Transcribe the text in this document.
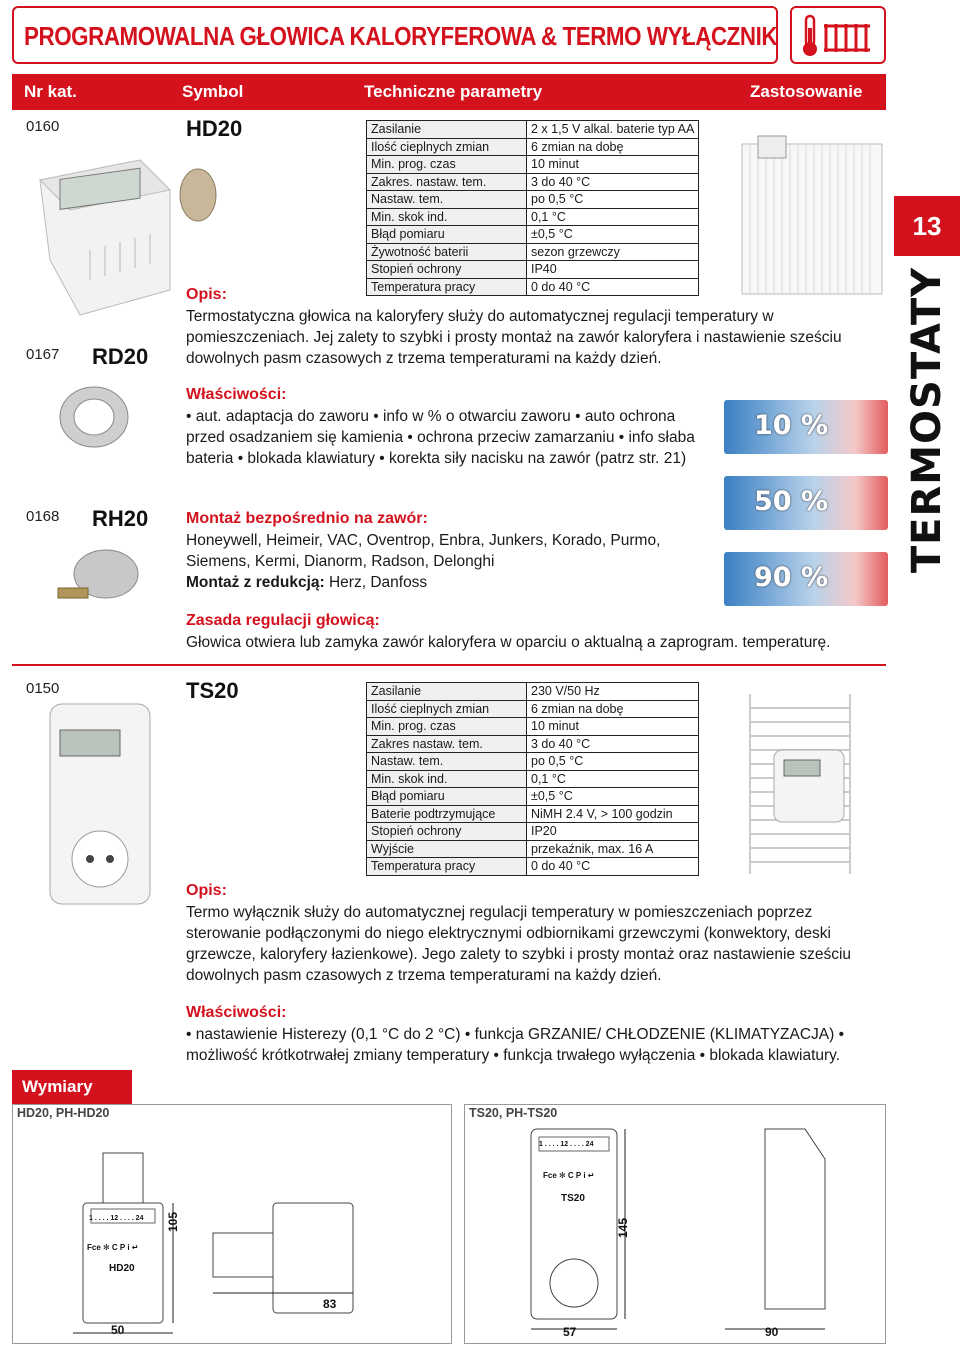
PROGRAMOWALNA GŁOWICA KALORYFEROWA & TERMO WYŁĄCZNIK
Nr kat.	Symbol	Techniczne parametry	Zastosowanie
13
TERMOSTATY
0160	HD20	Zasilanie	2 x 1,5 V alkal. baterie typ AA
Ilość cieplnych zmian	6 zmian na dobę
Min. prog. czas	10 minut
Zakres. nastaw. tem.	3 do 40 °C
Nastaw. tem.	po 0,5 °C
Min. skok ind.	0,1 °C
Błąd pomiaru	±0,5 °C
Żywotność baterii	sezon grzewczy
Stopień ochrony	IP40
Temperatura pracy	0 do 40 °C
Opis:
Termostatyczna głowica na kaloryfery służy do automatycznej regulacji temperatury w pomieszczeniach. Jej zalety to szybki i prosty montaż na zawór kaloryfera i nastawienie sześciu dowolnych pasm czasowych z trzema temperaturami na każdy dzień.
0167 RD20
Właściwości:
• aut. adaptacja do zaworu • info w % o otwarciu zaworu • auto ochrona przed osadzaniem się kamienia • ochrona przeciw zamarzaniu • info słaba bateria • blokada klawiatury • korekta siły nacisku na zawór (patrz str. 21)
10 %
50 %
90 %
0168 RH20 Montaż bezpośrednio na zawór:
Honeywell, Heimeir, VAC, Oventrop, Enbra, Junkers, Korado, Purmo, Siemens, Kermi, Dianorm, Radson, Delonghi
Montaż z redukcją: Herz, Danfoss
Zasada regulacji głowicą:
Głowica otwiera lub zamyka zawór kaloryfera w oparciu o aktualną a zaprogram. temperaturę.
0150	TS20	Zasilanie	230 V/50 Hz
Ilość cieplnych zmian	6 zmian na dobę
Min. prog. czas	10 minut
Zakres nastaw. tem.	3 do 40 °C
Nastaw. tem.	po 0,5 °C
Min. skok ind.	0,1 °C
Błąd pomiaru	±0,5 °C
Baterie podtrzymujące	NiMH 2.4 V, > 100 godzin
Stopień ochrony	IP20
Wyjście	przekaźnik, max. 16 A
Temperatura pracy	0 do 40 °C
Opis:
Termo wyłącznik służy do automatycznej regulacji temperatury w pomieszczeniach poprzez sterowanie podłączonymi do niego elektrycznymi odbiornikami grzewczymi (konwektory, deski grzewcze, kaloryfery łazienkowe). Jego zalety to szybki i prosty montaż oraz nastawienie sześciu dowolnych pasm czasowych z trzema temperaturami na każdy dzień.
Właściwości:
• nastawienie Histerezy (0,1 °C do 2 °C) • funkcja GRZANIE/ CHŁODZENIE (KLIMATYZACJA) • możliwość krótkotrwałej zmiany temperatury • funkcja trwałego wyłączenia • blokada klawiatury.
Wymiary
HD20, PH-HD20
1 . . . . 12 . . . . 24
Fce ✻ C P i ↵
HD20
105
50
83
TS20, PH-TS20
1 . . . . 12 . . . . 24
Fce ✻ C P i ↵
TS20
145
57	90
